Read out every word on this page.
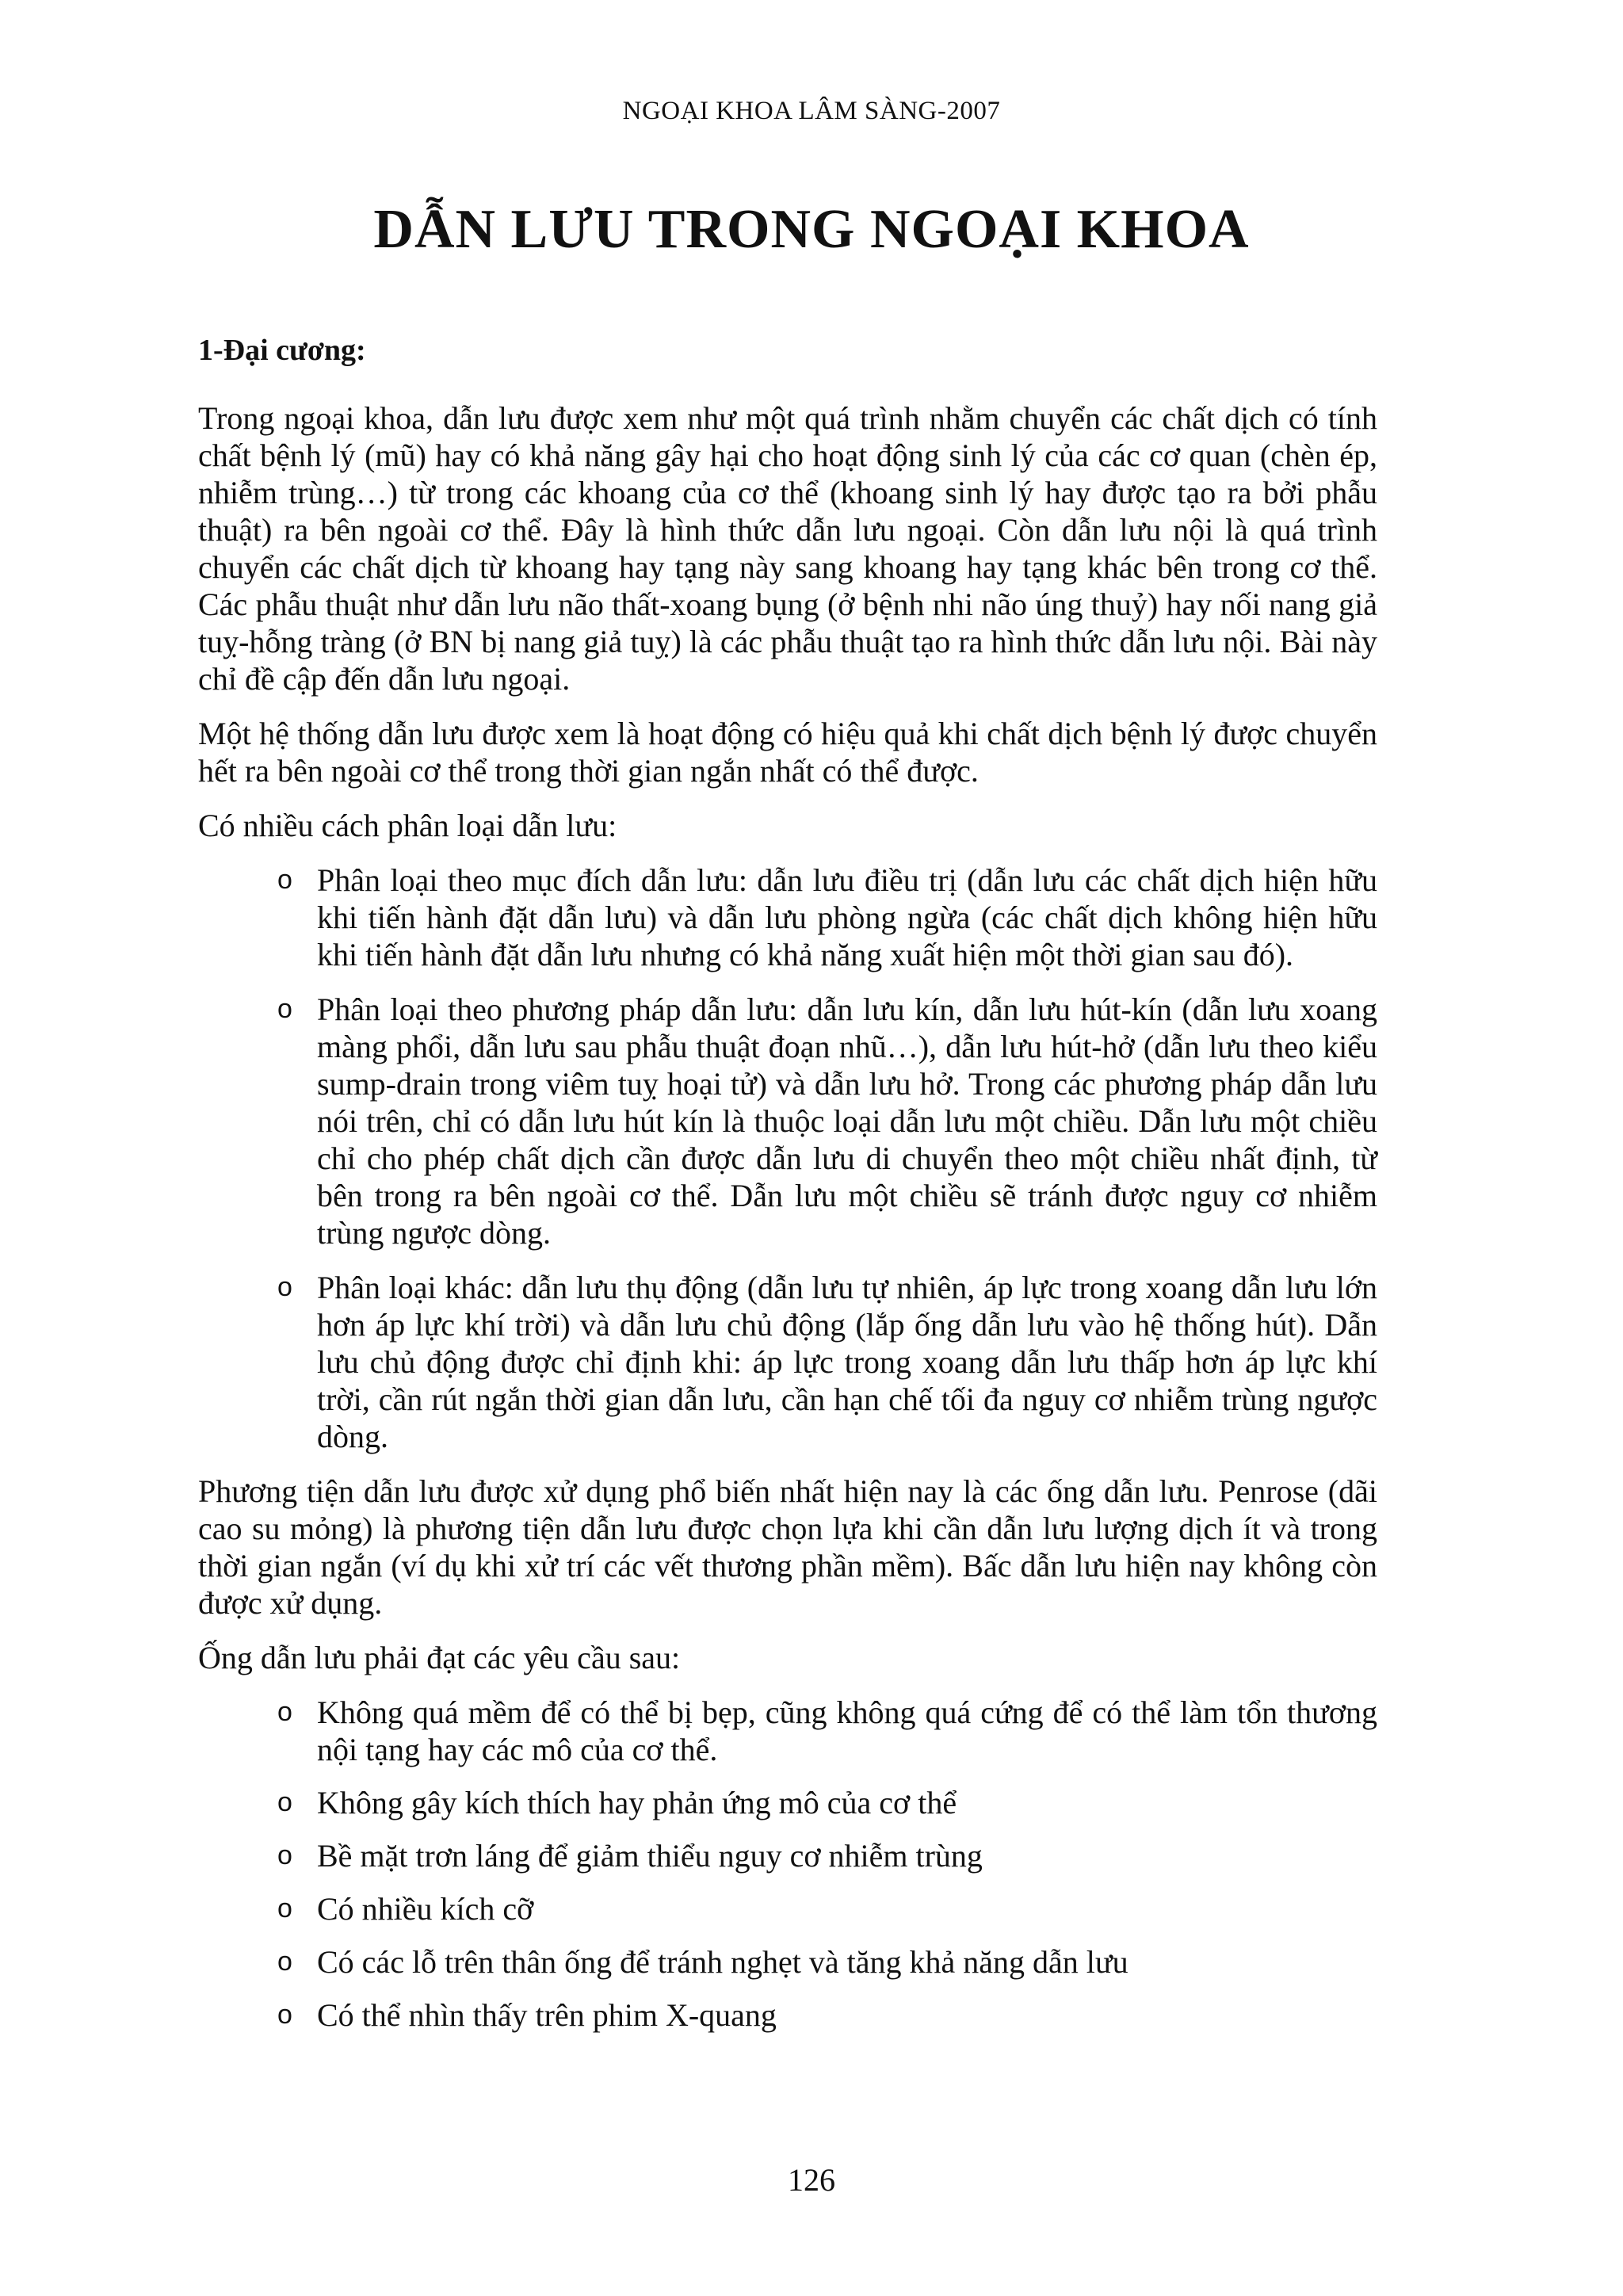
NGOẠI KHOA LÂM SÀNG-2007
DẪN LƯU TRONG NGOẠI KHOA
1-Đại cương:

Trong ngoại khoa, dẫn lưu được xem như một quá trình nhằm chuyển các chất dịch có tính chất bệnh lý (mũ) hay có khả năng gây hại cho hoạt động sinh lý của các cơ quan (chèn ép, nhiễm trùng…) từ trong các khoang của cơ thể (khoang sinh lý hay được tạo ra bởi phẫu thuật) ra bên ngoài cơ thể. Đây là hình thức dẫn lưu ngoại. Còn dẫn lưu nội là quá trình chuyển các chất dịch từ khoang hay tạng này sang khoang hay tạng khác bên trong cơ thể. Các phẫu thuật như dẫn lưu não thất-xoang bụng (ở bệnh nhi não úng thuỷ) hay nối nang giả tuỵ-hỗng tràng (ở BN bị nang giả tuỵ) là các phẫu thuật tạo ra hình thức dẫn lưu nội. Bài này chỉ đề cập đến dẫn lưu ngoại.

Một hệ thống dẫn lưu được xem là hoạt động có hiệu quả khi chất dịch bệnh lý được chuyển hết ra bên ngoài cơ thể trong thời gian ngắn nhất có thể được.

Có nhiều cách phân loại dẫn lưu:

o Phân loại theo mục đích dẫn lưu: dẫn lưu điều trị (dẫn lưu các chất dịch hiện hữu khi tiến hành đặt dẫn lưu) và dẫn lưu phòng ngừa (các chất dịch không hiện hữu khi tiến hành đặt dẫn lưu nhưng có khả năng xuất hiện một thời gian sau đó).
o Phân loại theo phương pháp dẫn lưu: dẫn lưu kín, dẫn lưu hút-kín (dẫn lưu xoang màng phổi, dẫn lưu sau phẫu thuật đoạn nhũ…), dẫn lưu hút-hở (dẫn lưu theo kiểu sump-drain trong viêm tuỵ hoại tử) và dẫn lưu hở. Trong các phương pháp dẫn lưu nói trên, chỉ có dẫn lưu hút kín là thuộc loại dẫn lưu một chiều. Dẫn lưu một chiều chỉ cho phép chất dịch cần được dẫn lưu di chuyển theo một chiều nhất định, từ bên trong ra bên ngoài cơ thể. Dẫn lưu một chiều sẽ tránh được nguy cơ nhiễm trùng ngược dòng.
o Phân loại khác: dẫn lưu thụ động (dẫn lưu tự nhiên, áp lực trong xoang dẫn lưu lớn hơn áp lực khí trời) và dẫn lưu chủ động (lắp ống dẫn lưu vào hệ thống hút). Dẫn lưu chủ động được chỉ định khi: áp lực trong xoang dẫn lưu thấp hơn áp lực khí trời, cần rút ngắn thời gian dẫn lưu, cần hạn chế tối đa nguy cơ nhiễm trùng ngược dòng.

Phương tiện dẫn lưu được xử dụng phổ biến nhất hiện nay là các ống dẫn lưu. Penrose (dãi cao su mỏng) là phương tiện dẫn lưu được chọn lựa khi cần dẫn lưu lượng dịch ít và trong thời gian ngắn (ví dụ khi xử trí các vết thương phần mềm). Bấc dẫn lưu hiện nay không còn được xử dụng.

Ống dẫn lưu phải đạt các yêu cầu sau:

o Không quá mềm để có thể bị bẹp, cũng không quá cứng để có thể làm tổn thương nội tạng hay các mô của cơ thể.
o Không gây kích thích hay phản ứng mô của cơ thể
o Bề mặt trơn láng để giảm thiểu nguy cơ nhiễm trùng
o Có nhiều kích cỡ
o Có các lỗ trên thân ống để tránh nghẹt và tăng khả năng dẫn lưu
o Có thể nhìn thấy trên phim X-quang
126
